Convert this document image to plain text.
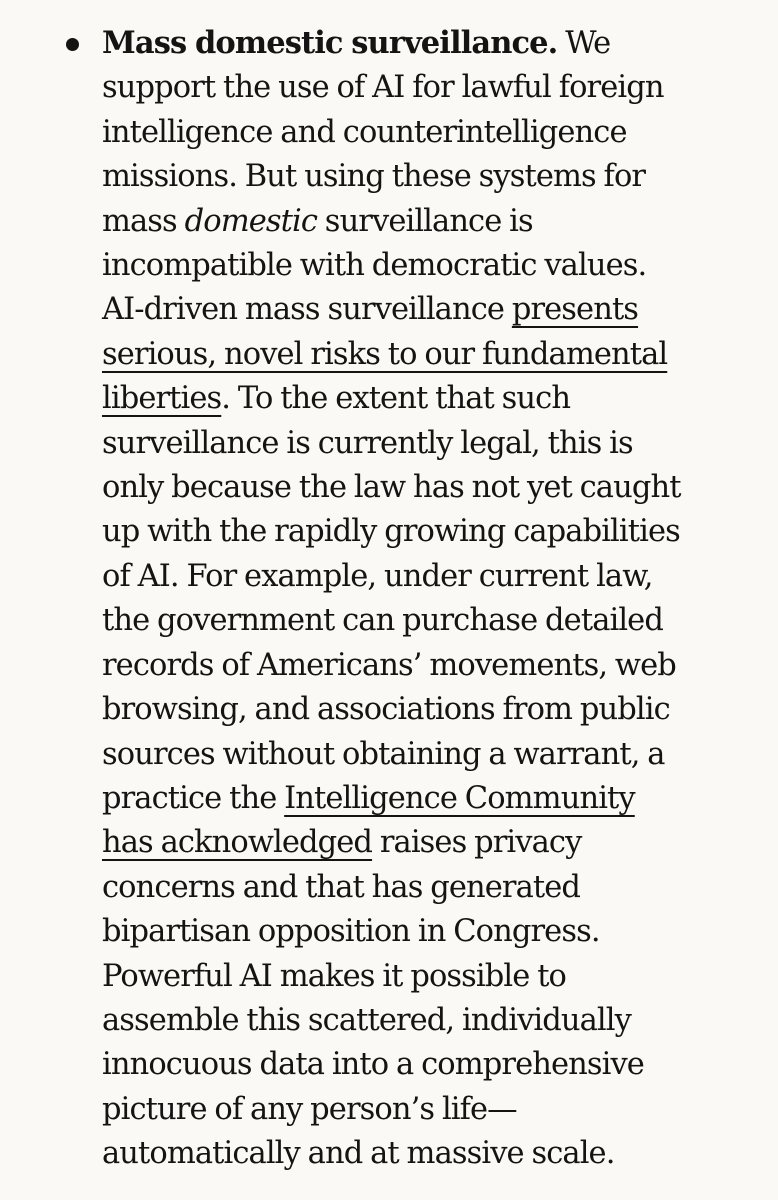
Mass domestic surveillance. We
support the use of AI for lawful foreign
intelligence and counterintelligence
missions. But using these systems for
mass domestic surveillance is
incompatible with democratic values.
AI-driven mass surveillance presents
serious, novel risks to our fundamental
liberties. To the extent that such
surveillance is currently legal, this is
only because the law has not yet caught
up with the rapidly growing capabilities
of AI. For example, under current law,
the government can purchase detailed
records of Americans’ movements, web
browsing, and associations from public
sources without obtaining a warrant, a
practice the Intelligence Community
has acknowledged raises privacy
concerns and that has generated
bipartisan opposition in Congress.
Powerful AI makes it possible to
assemble this scattered, individually
innocuous data into a comprehensive
picture of any person’s life—
automatically and at massive scale.
